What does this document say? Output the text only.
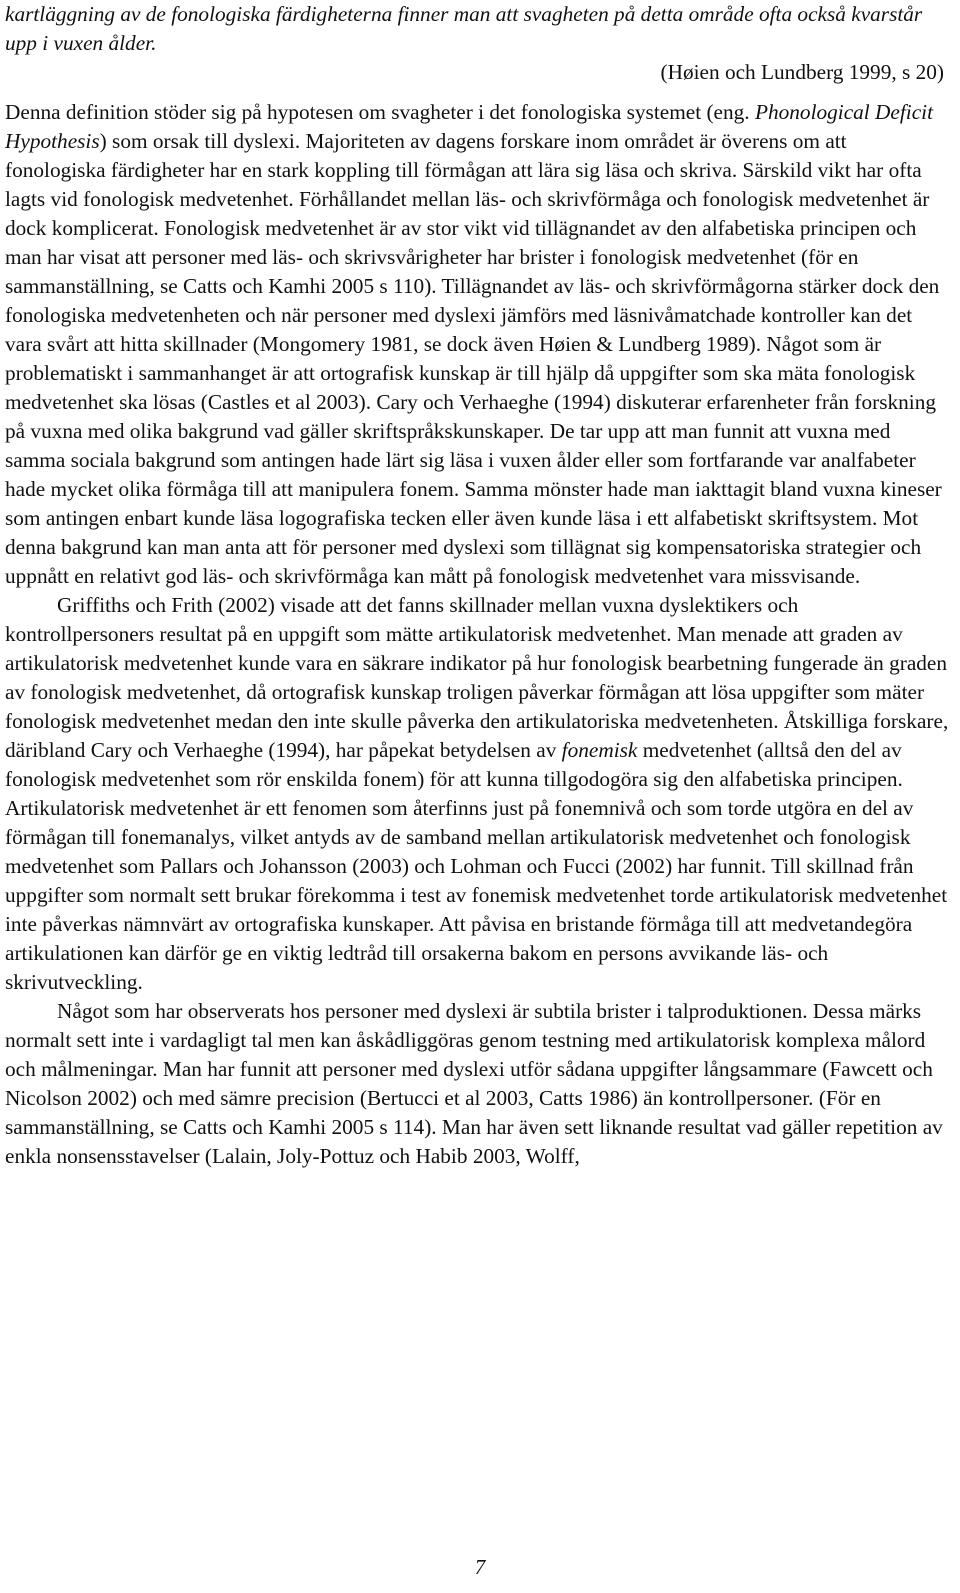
kartläggning av de fonologiska färdigheterna finner man att svagheten på detta område ofta också kvarstår upp i vuxen ålder.

(Høien och Lundberg 1999, s 20)

Denna definition stöder sig på hypotesen om svagheter i det fonologiska systemet (eng. Phonological Deficit Hypothesis) som orsak till dyslexi. Majoriteten av dagens forskare inom området är överens om att fonologiska färdigheter har en stark koppling till förmågan att lära sig läsa och skriva. Särskild vikt har ofta lagts vid fonologisk medvetenhet. Förhållandet mellan läs- och skrivförmåga och fonologisk medvetenhet är dock komplicerat. Fonologisk medvetenhet är av stor vikt vid tillägnandet av den alfabetiska principen och man har visat att personer med läs- och skrivsvårigheter har brister i fonologisk medvetenhet (för en sammanställning, se Catts och Kamhi 2005 s 110). Tillägnandet av läs- och skrivförmågorna stärker dock den fonologiska medvetenheten och när personer med dyslexi jämförs med läsnivåmatchade kontroller kan det vara svårt att hitta skillnader (Mongomery 1981, se dock även Høien & Lundberg 1989). Något som är problematiskt i sammanhanget är att ortografisk kunskap är till hjälp då uppgifter som ska mäta fonologisk medvetenhet ska lösas (Castles et al 2003). Cary och Verhaeghe (1994) diskuterar erfarenheter från forskning på vuxna med olika bakgrund vad gäller skriftspråkskunskaper. De tar upp att man funnit att vuxna med samma sociala bakgrund som antingen hade lärt sig läsa i vuxen ålder eller som fortfarande var analfabeter hade mycket olika förmåga till att manipulera fonem. Samma mönster hade man iakttagit bland vuxna kineser som antingen enbart kunde läsa logografiska tecken eller även kunde läsa i ett alfabetiskt skriftsystem. Mot denna bakgrund kan man anta att för personer med dyslexi som tillägnat sig kompensatoriska strategier och uppnått en relativt god läs- och skrivförmåga kan mått på fonologisk medvetenhet vara missvisande.

Griffiths och Frith (2002) visade att det fanns skillnader mellan vuxna dyslektikers och kontrollpersoners resultat på en uppgift som mätte artikulatorisk medvetenhet. Man menade att graden av artikulatorisk medvetenhet kunde vara en säkrare indikator på hur fonologisk bearbetning fungerade än graden av fonologisk medvetenhet, då ortografisk kunskap troligen påverkar förmågan att lösa uppgifter som mäter fonologisk medvetenhet medan den inte skulle påverka den artikulatoriska medvetenheten. Åtskilliga forskare, däribland Cary och Verhaeghe (1994), har påpekat betydelsen av fonemisk medvetenhet (alltså den del av fonologisk medvetenhet som rör enskilda fonem) för att kunna tillgodogöra sig den alfabetiska principen. Artikulatorisk medvetenhet är ett fenomen som återfinns just på fonemnivå och som torde utgöra en del av förmågan till fonemanalys, vilket antyds av de samband mellan artikulatorisk medvetenhet och fonologisk medvetenhet som Pallars och Johansson (2003) och Lohman och Fucci (2002) har funnit. Till skillnad från uppgifter som normalt sett brukar förekomma i test av fonemisk medvetenhet torde artikulatorisk medvetenhet inte påverkas nämnvärt av ortografiska kunskaper. Att påvisa en bristande förmåga till att medvetandegöra artikulationen kan därför ge en viktig ledtråd till orsakerna bakom en persons avvikande läs- och skrivutveckling.

Något som har observerats hos personer med dyslexi är subtila brister i talproduktionen. Dessa märks normalt sett inte i vardagligt tal men kan åskådliggöras genom testning med artikulatorisk komplexa målord och målmeningar. Man har funnit att personer med dyslexi utför sådana uppgifter långsammare (Fawcett och Nicolson 2002) och med sämre precision (Bertucci et al 2003, Catts 1986) än kontrollpersoner. (För en sammanställning, se Catts och Kamhi 2005 s 114). Man har även sett liknande resultat vad gäller repetition av enkla nonsensstavelser (Lalain, Joly-Pottuz och Habib 2003, Wolff,

7
